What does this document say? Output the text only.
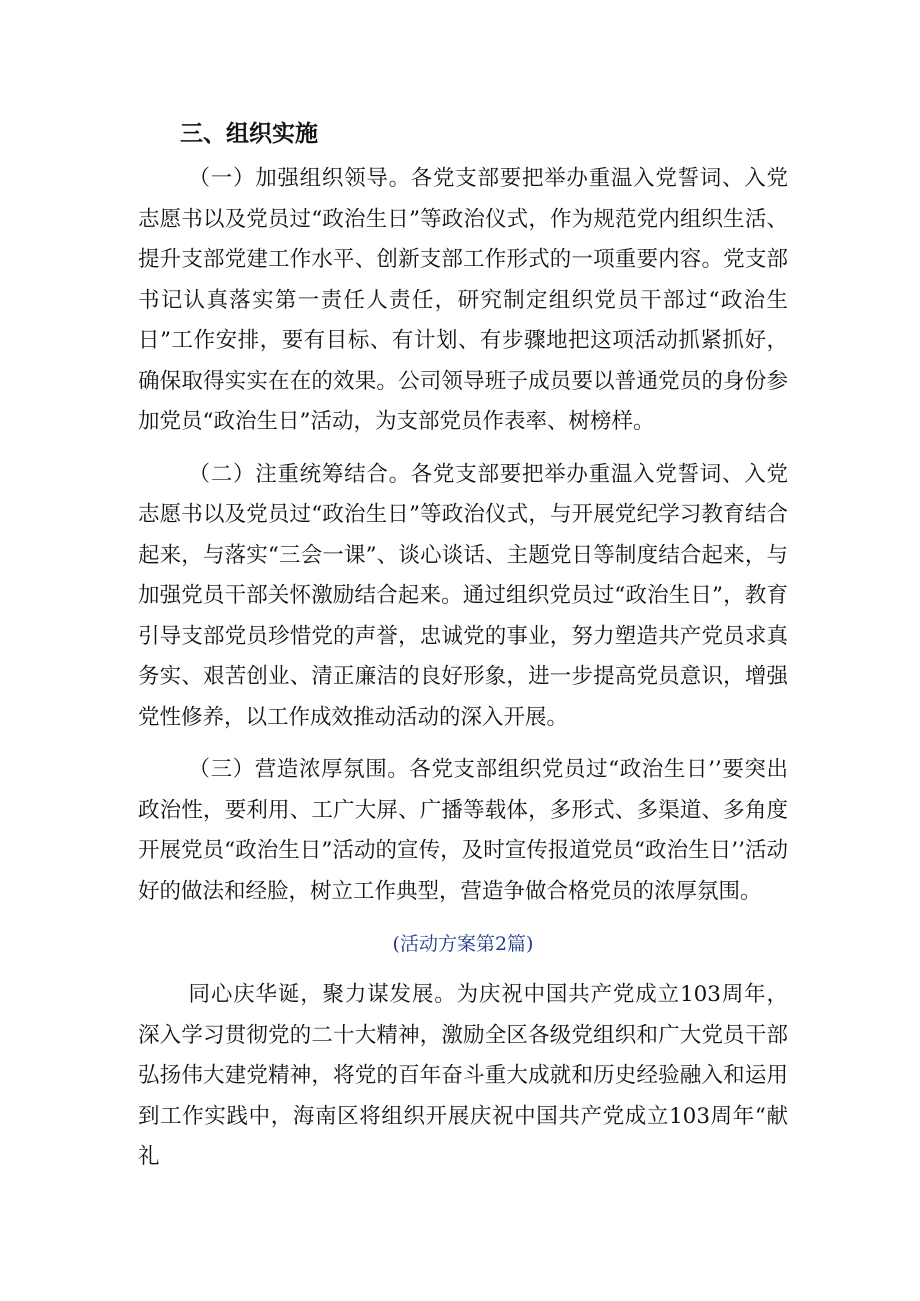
三、组织实施

（一）加强组织领导。各党支部要把举办重温入党誓词、入党志愿书以及党员过“政治生日”等政治仪式，作为规范党内组织生活、提升支部党建工作水平、创新支部工作形式的一项重要内容。党支部书记认真落实第一责任人责任，研究制定组织党员干部过“政治生日”工作安排，要有目标、有计划、有步骤地把这项活动抓紧抓好，确保取得实实在在的效果。公司领导班子成员要以普通党员的身份参加党员“政治生日”活动，为支部党员作表率、树榜样。

（二）注重统筹结合。各党支部要把举办重温入党誓词、入党志愿书以及党员过“政治生日”等政治仪式，与开展党纪学习教育结合起来，与落实“三会一课”、谈心谈话、主题党日等制度结合起来，与加强党员干部关怀激励结合起来。通过组织党员过“政治生日”，教育引导支部党员珍惜党的声誉，忠诚党的事业，努力塑造共产党员求真务实、艰苦创业、清正廉洁的良好形象，进一步提高党员意识，增强党性修养，以工作成效推动活动的深入开展。

（三）营造浓厚氛围。各党支部组织党员过“政治生日’’要突出政治性，要利用、工广大屏、广播等载体，多形式、多渠道、多角度开展党员“政治生日”活动的宣传，及时宣传报道党员“政治生日’’活动好的做法和经脸，树立工作典型，营造争做合格党员的浓厚氛围。

(活动方案第2篇)

同心庆华诞，聚力谋发展。为庆祝中国共产党成立103周年，深入学习贯彻党的二十大精神，激励全区各级党组织和广大党员干部弘扬伟大建党精神，将党的百年奋斗重大成就和历史经验融入和运用到工作实践中，海南区将组织开展庆祝中国共产党成立103周年“献礼
